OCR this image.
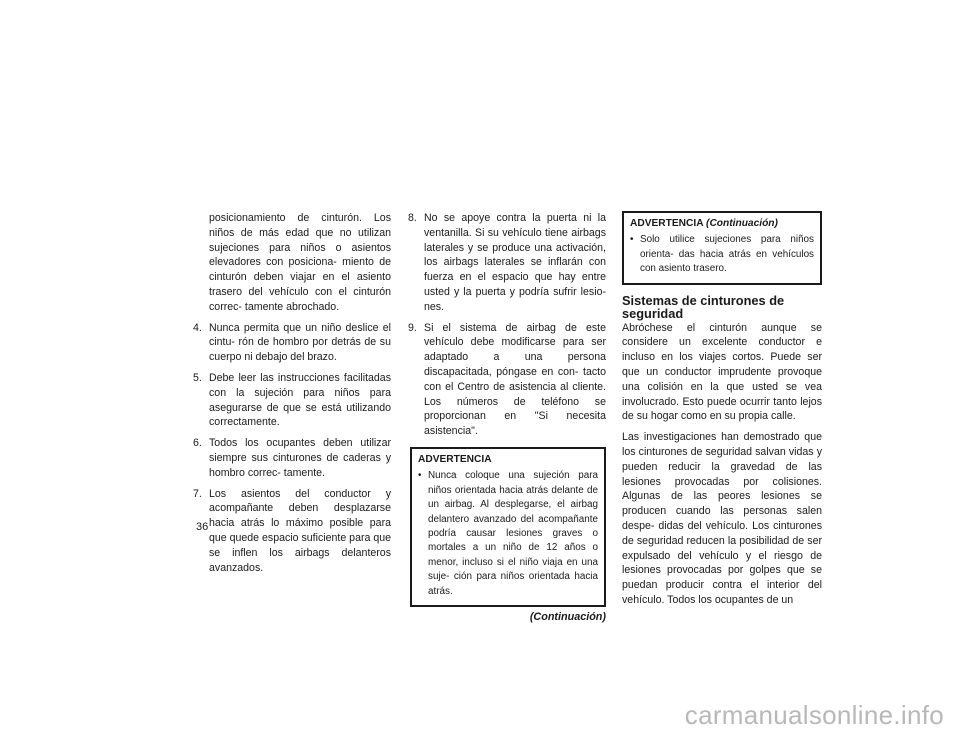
posicionamiento de cinturón. Los niños de más edad que no utilizan sujeciones para niños o asientos elevadores con posiciona- miento de cinturón deben viajar en el asiento trasero del vehículo con el cinturón correc- tamente abrochado.

4. Nunca permita que un niño deslice el cintu- rón de hombro por detrás de su cuerpo ni debajo del brazo.
5. Debe leer las instrucciones facilitadas con la sujeción para niños para asegurarse de que se está utilizando correctamente.
6. Todos los ocupantes deben utilizar siempre sus cinturones de caderas y hombro correc- tamente.
7. Los asientos del conductor y acompañante deben desplazarse hacia atrás lo máximo posible para que quede espacio suficiente para que se inflen los airbags delanteros avanzados.
8. No se apoye contra la puerta ni la ventanilla. Si su vehículo tiene airbags laterales y se produce una activación, los airbags laterales se inflarán con fuerza en el espacio que hay entre usted y la puerta y podría sufrir lesio- nes.
9. Si el sistema de airbag de este vehículo debe modificarse para ser adaptado a una persona discapacitada, póngase en con- tacto con el Centro de asistencia al cliente. Los números de teléfono se proporcionan en "Si necesita asistencia".
ADVERTENCIA
• Nunca coloque una sujeción para niños orientada hacia atrás delante de un airbag. Al desplegarse, el airbag delantero avanzado del acompañante podría causar lesiones graves o mortales a un niño de 12 años o menor, incluso si el niño viaja en una suje- ción para niños orientada hacia atrás.
(Continuación)
ADVERTENCIA (Continuación)
• Solo utilice sujeciones para niños orienta- das hacia atrás en vehículos con asiento trasero.
Sistemas de cinturones de seguridad

Abróchese el cinturón aunque se considere un excelente conductor e incluso en los viajes cortos. Puede ser que un conductor imprudente provoque una colisión en la que usted se vea involucrado. Esto puede ocurrir tanto lejos de su hogar como en su propia calle.

Las investigaciones han demostrado que los cinturones de seguridad salvan vidas y pueden reducir la gravedad de las lesiones provocadas por colisiones. Algunas de las peores lesiones se producen cuando las personas salen despe- didas del vehículo. Los cinturones de seguridad reducen la posibilidad de ser expulsado del vehículo y el riesgo de lesiones provocadas por golpes que se puedan producir contra el interior del vehículo. Todos los ocupantes de un

36
carmanualsonline.info
